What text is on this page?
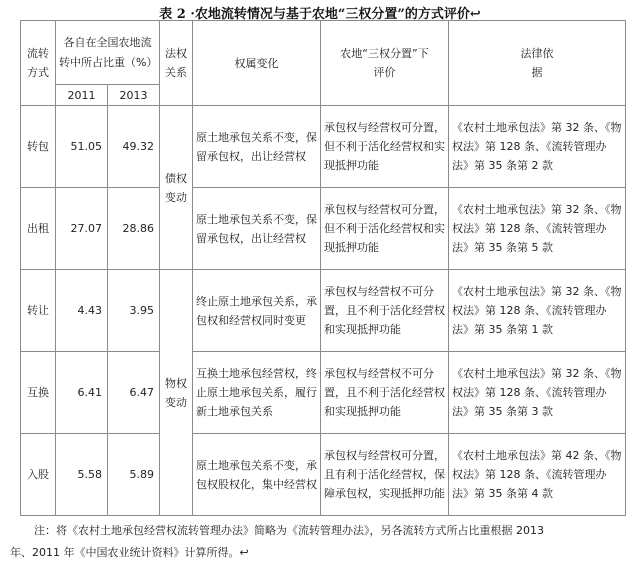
表 2 ·农地流转情况与基于农地“三权分置”的方式评价↩
流转方式	各自在全国农地流转中所占比重（%）		法权关系	权属变化	农地“三权分置”下评价	法律依据
	2011	2013				
转包	51.05	49.32	债权变动	原土地承包关系不变，保留承包权，出让经营权	承包权与经营权可分置，但不利于活化经营权和实现抵押功能	《农村土地承包法》第 32 条、《物权法》第 128 条、《流转管理办法》第 35 条第 2 款
出租	27.07	28.86		原土地承包关系不变，保留承包权，出让经营权	承包权与经营权可分置，但不利于活化经营权和实现抵押功能	《农村土地承包法》第 32 条、《物权法》第 128 条、《流转管理办法》第 35 条第 5 款
转让	4.43	3.95	物权变动	终止原土地承包关系，承包权和经营权同时变更	承包权与经营权不可分置，且不利于活化经营权和实现抵押功能	《农村土地承包法》第 32 条、《物权法》第 128 条、《流转管理办法》第 35 条第 1 款
互换	6.41	6.47		互换土地承包经营权，终止原土地承包关系，履行新土地承包关系	承包权与经营权不可分置，且不利于活化经营权和实现抵押功能	《农村土地承包法》第 32 条、《物权法》第 128 条、《流转管理办法》第 35 条第 3 款
入股	5.58	5.89		原土地承包关系不变，承包权股权化，集中经营权	承包权与经营权可分置，且有利于活化经营权，保障承包权，实现抵押功能	《农村土地承包法》第 42 条、《物权法》第 128 条、《流转管理办法》第 35 条第 4 款
注：将《农村土地承包经营权流转管理办法》简略为《流转管理办法》，另各流转方式所占比重根据 2013
年、2011 年《中国农业统计资料》计算所得。↩
